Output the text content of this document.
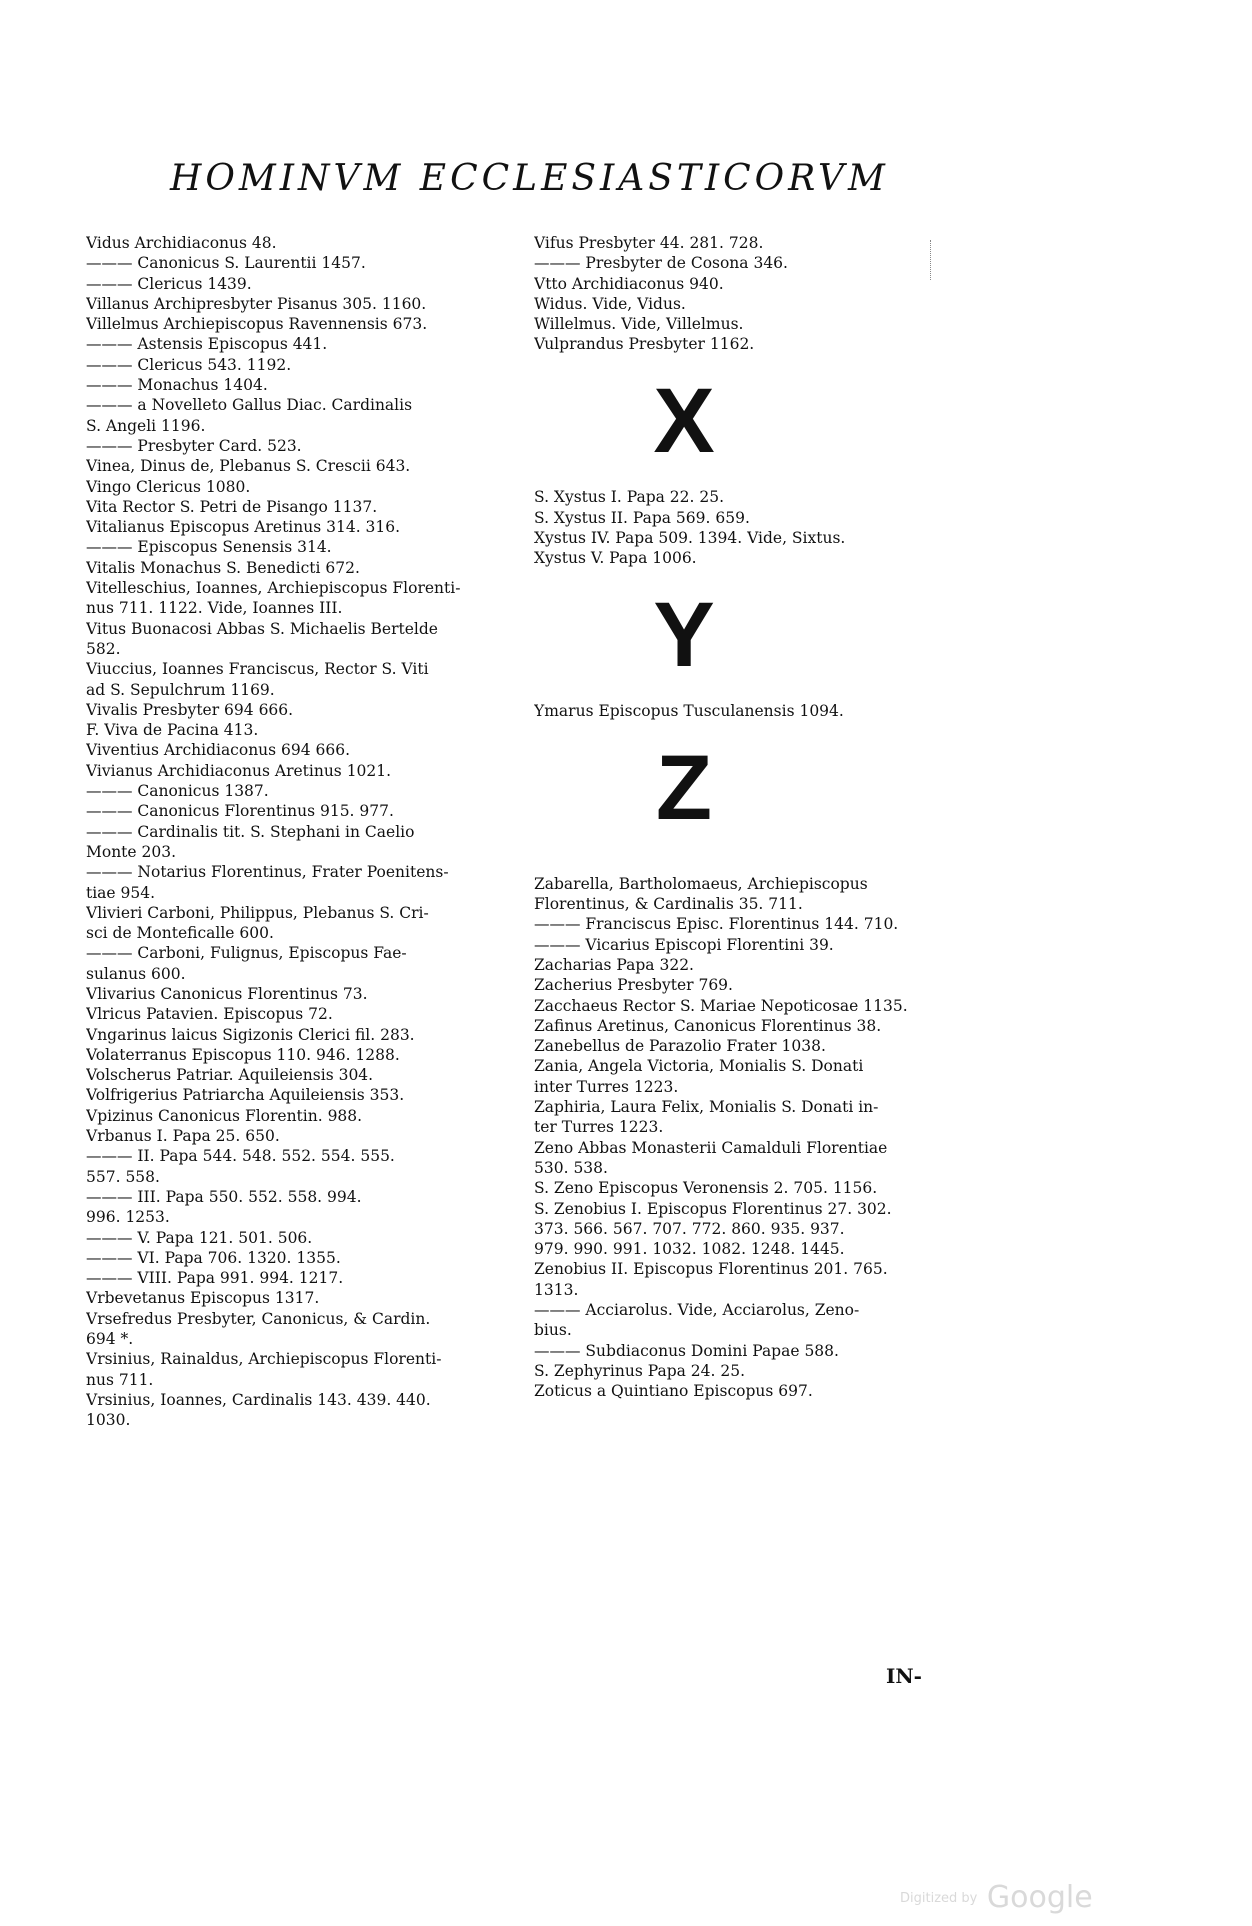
HOMINVM ECCLESIASTICORVM
Vidus Archidiaconus 48.
——— Canonicus S. Laurentii 1457.
——— Clericus 1439.
Villanus Archipresbyter Pisanus 305. 1160.
Villelmus Archiepiscopus Ravennensis 673.
——— Astensis Episcopus 441.
——— Clericus 543. 1192.
——— Monachus 1404.
——— a Novelleto Gallus Diac. Cardinalis
S. Angeli 1196.
——— Presbyter Card. 523.
Vinea, Dinus de, Plebanus S. Crescii 643.
Vingo Clericus 1080.
Vita Rector S. Petri de Pisango 1137.
Vitalianus Episcopus Aretinus 314. 316.
——— Episcopus Senensis 314.
Vitalis Monachus S. Benedicti 672.
Vitelleschius, Ioannes, Archiepiscopus Florenti-
nus 711. 1122. Vide, Ioannes III.
Vitus Buonacosi Abbas S. Michaelis Bertelde
582.
Viuccius, Ioannes Franciscus, Rector S. Viti
ad S. Sepulchrum 1169.
Vivalis Presbyter 694 666.
F. Viva de Pacina 413.
Viventius Archidiaconus 694 666.
Vivianus Archidiaconus Aretinus 1021.
——— Canonicus 1387.
——— Canonicus Florentinus 915. 977.
——— Cardinalis tit. S. Stephani in Caelio
Monte 203.
——— Notarius Florentinus, Frater Poenitens-
tiae 954.
Vlivieri Carboni, Philippus, Plebanus S. Cri-
sci de Monteficalle 600.
——— Carboni, Fulignus, Episcopus Fae-
sulanus 600.
Vlivarius Canonicus Florentinus 73.
Vlricus Patavien. Episcopus 72.
Vngarinus laicus Sigizonis Clerici fil. 283.
Volaterranus Episcopus 110. 946. 1288.
Volscherus Patriar. Aquileiensis 304.
Volfrigerius Patriarcha Aquileiensis 353.
Vpizinus Canonicus Florentin. 988.
Vrbanus I. Papa 25. 650.
——— II. Papa 544. 548. 552. 554. 555.
557. 558.
——— III. Papa 550. 552. 558. 994.
996. 1253.
——— V. Papa 121. 501. 506.
——— VI. Papa 706. 1320. 1355.
——— VIII. Papa 991. 994. 1217.
Vrbevetanus Episcopus 1317.
Vrsefredus Presbyter, Canonicus, & Cardin.
694 *.
Vrsinius, Rainaldus, Archiepiscopus Florenti-
nus 711.
Vrsinius, Ioannes, Cardinalis 143. 439. 440.
1030.
Vifus Presbyter 44. 281. 728.
——— Presbyter de Cosona 346.
Vtto Archidiaconus 940.
Widus. Vide, Vidus.
Willelmus. Vide, Villelmus.
Vulprandus Presbyter 1162.
X
S. Xystus I. Papa 22. 25.
S. Xystus II. Papa 569. 659.
Xystus IV. Papa 509. 1394. Vide, Sixtus.
Xystus V. Papa 1006.
Y
Ymarus Episcopus Tusculanensis 1094.
Z
Zabarella, Bartholomaeus, Archiepiscopus
Florentinus, & Cardinalis 35. 711.
——— Franciscus Episc. Florentinus 144. 710.
——— Vicarius Episcopi Florentini 39.
Zacharias Papa 322.
Zacherius Presbyter 769.
Zacchaeus Rector S. Mariae Nepoticosae 1135.
Zafinus Aretinus, Canonicus Florentinus 38.
Zanebellus de Parazolio Frater 1038.
Zania, Angela Victoria, Monialis S. Donati
inter Turres 1223.
Zaphiria, Laura Felix, Monialis S. Donati in-
ter Turres 1223.
Zeno Abbas Monasterii Camalduli Florentiae
530. 538.
S. Zeno Episcopus Veronensis 2. 705. 1156.
S. Zenobius I. Episcopus Florentinus 27. 302.
373. 566. 567. 707. 772. 860. 935. 937.
979. 990. 991. 1032. 1082. 1248. 1445.
Zenobius II. Episcopus Florentinus 201. 765.
1313.
——— Acciarolus. Vide, Acciarolus, Zeno-
bius.
——— Subdiaconus Domini Papae 588.
S. Zephyrinus Papa 24. 25.
Zoticus a Quintiano Episcopus 697.
IN-
Digitized by Google
